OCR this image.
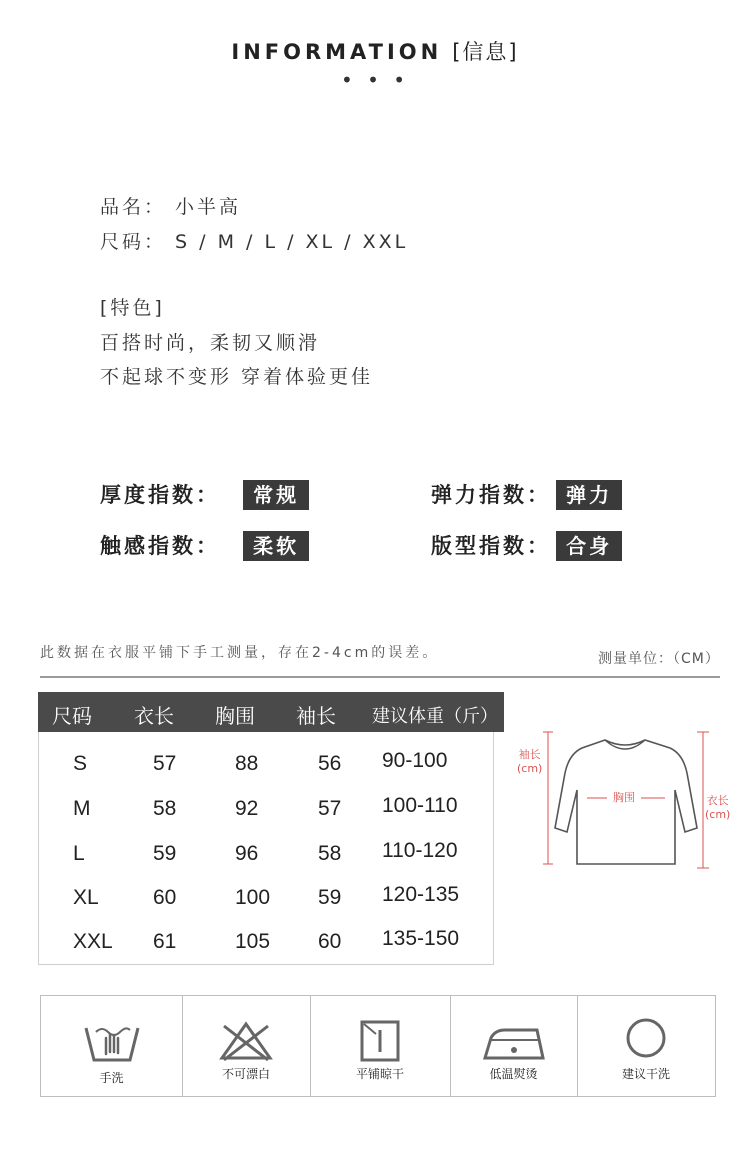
INFORMATION [信息]
• • •
品名： 小半高
尺码： S / M / L / XL / XXL
[特色]
百搭时尚，柔韧又顺滑
不起球不变形 穿着体验更佳
厚度指数： 常规	弹力指数： 弹力
触感指数： 柔软	版型指数： 合身
此数据在衣服平铺下手工测量，存在2-4cm的误差。	测量单位：（CM）
尺码 衣长 胸围 袖长 建议体重（斤）
S	57	88	56 90-100
M	58	92	57 100-110
L	59	96	58 110-120
XL	60	100 59 120-135
XXL 61	105 60 135-150
袖长
(cm)
胸围	衣长
(cm)
手洗	不可漂白	平铺晾干	低温熨烫	建议干洗
